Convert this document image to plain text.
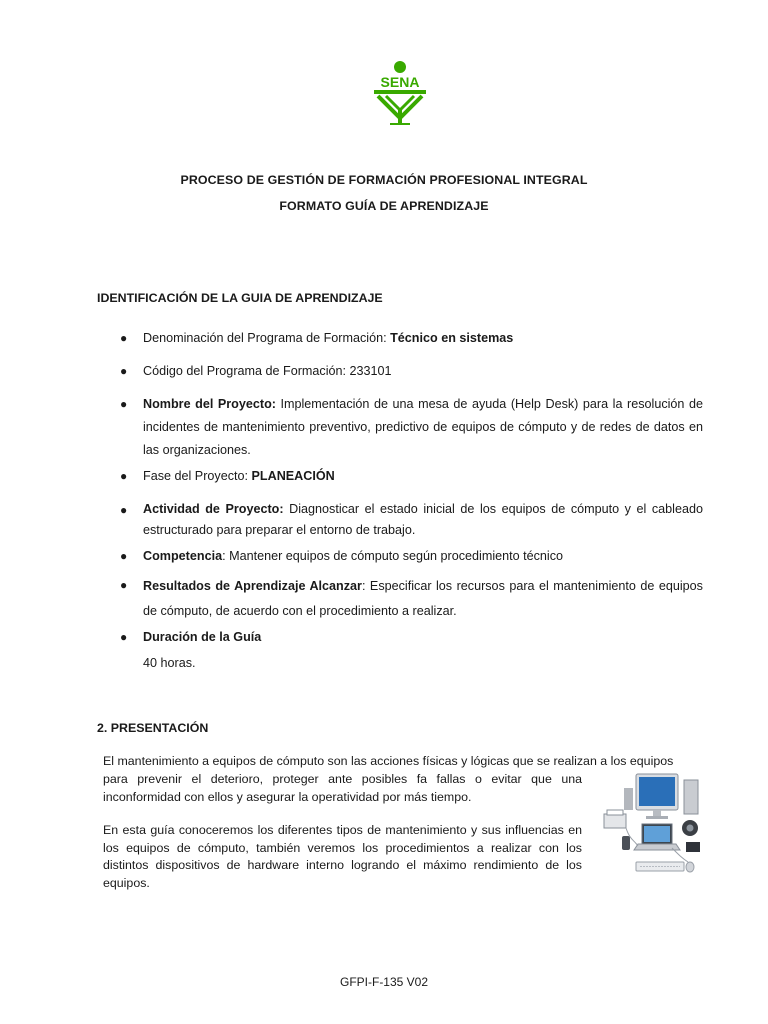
SENA
PROCESO DE GESTIÓN DE FORMACIÓN PROFESIONAL INTEGRAL
FORMATO GUÍA DE APRENDIZAJE
IDENTIFICACIÓN DE LA GUIA DE APRENDIZAJE
● Denominación del Programa de Formación: Técnico en sistemas
● Código del Programa de Formación: 233101
● Nombre del Proyecto: Implementación de una mesa de ayuda (Help Desk) para la resolución de incidentes de mantenimiento preventivo, predictivo de equipos de cómputo y de redes de datos en las organizaciones.
● Fase del Proyecto: PLANEACIÓN
● Actividad de Proyecto: Diagnosticar el estado inicial de los equipos de cómputo y el cableado estructurado para preparar el entorno de trabajo.
● Competencia: Mantener equipos de cómputo según procedimiento técnico
● Resultados de Aprendizaje Alcanzar: Especificar los recursos para el mantenimiento de equipos de cómputo, de acuerdo con el procedimiento a realizar.
● Duración de la Guía
40 horas.
2. PRESENTACIÓN
El mantenimiento a equipos de cómputo son las acciones físicas y lógicas que se realizan a los equipos
para prevenir el deterioro, proteger ante posibles fa fallas o evitar que una inconformidad con ellos y asegurar la operatividad por más tiempo.
En esta guía conoceremos los diferentes tipos de mantenimiento y sus influencias en los equipos de cómputo, también veremos los procedimientos a realizar con los distintos dispositivos de hardware interno logrando el máximo rendimiento de los equipos.
GFPI-F-135 V02
